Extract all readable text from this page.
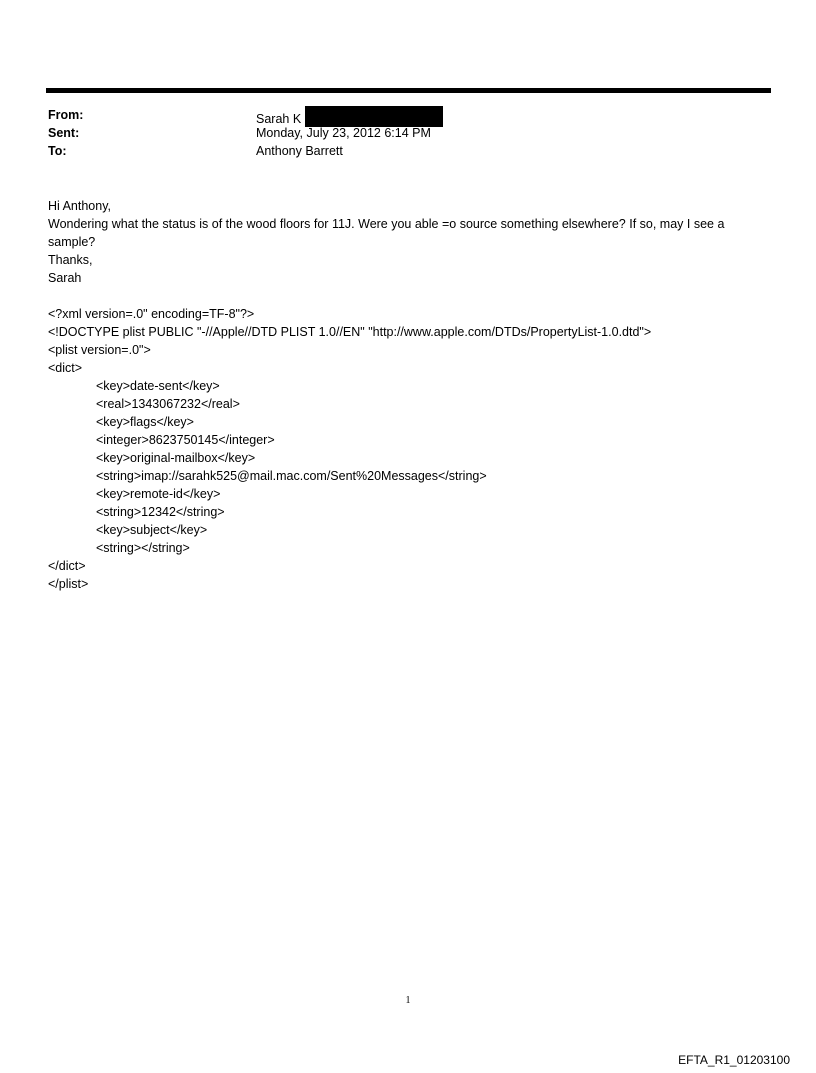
From:	Sarah K
Sent:	Monday, July 23, 2012 6:14 PM
To:	Anthony Barrett

Hi Anthony,

Wondering what the status is of the wood floors for 11J. Were you able =o source something elsewhere? If so, may I see a sample?

Thanks,

Sarah

<?xml version=.0" encoding=TF-8"?>
<!DOCTYPE plist PUBLIC "-//Apple//DTD PLIST 1.0//EN" "http://www.apple.com/DTDs/PropertyList-1.0.dtd">
<plist version=.0">
<dict>
<key>date-sent</key>
<real>1343067232</real>
<key>flags</key>
<integer>8623750145</integer>
<key>original-mailbox</key>
<string>imap://sarahk525@mail.mac.com/Sent%20Messages</string>
<key>remote-id</key>
<string>12342</string>
<key>subject</key>
<string></string>
</dict>
</plist>
1
EFTA_R1_01203100
